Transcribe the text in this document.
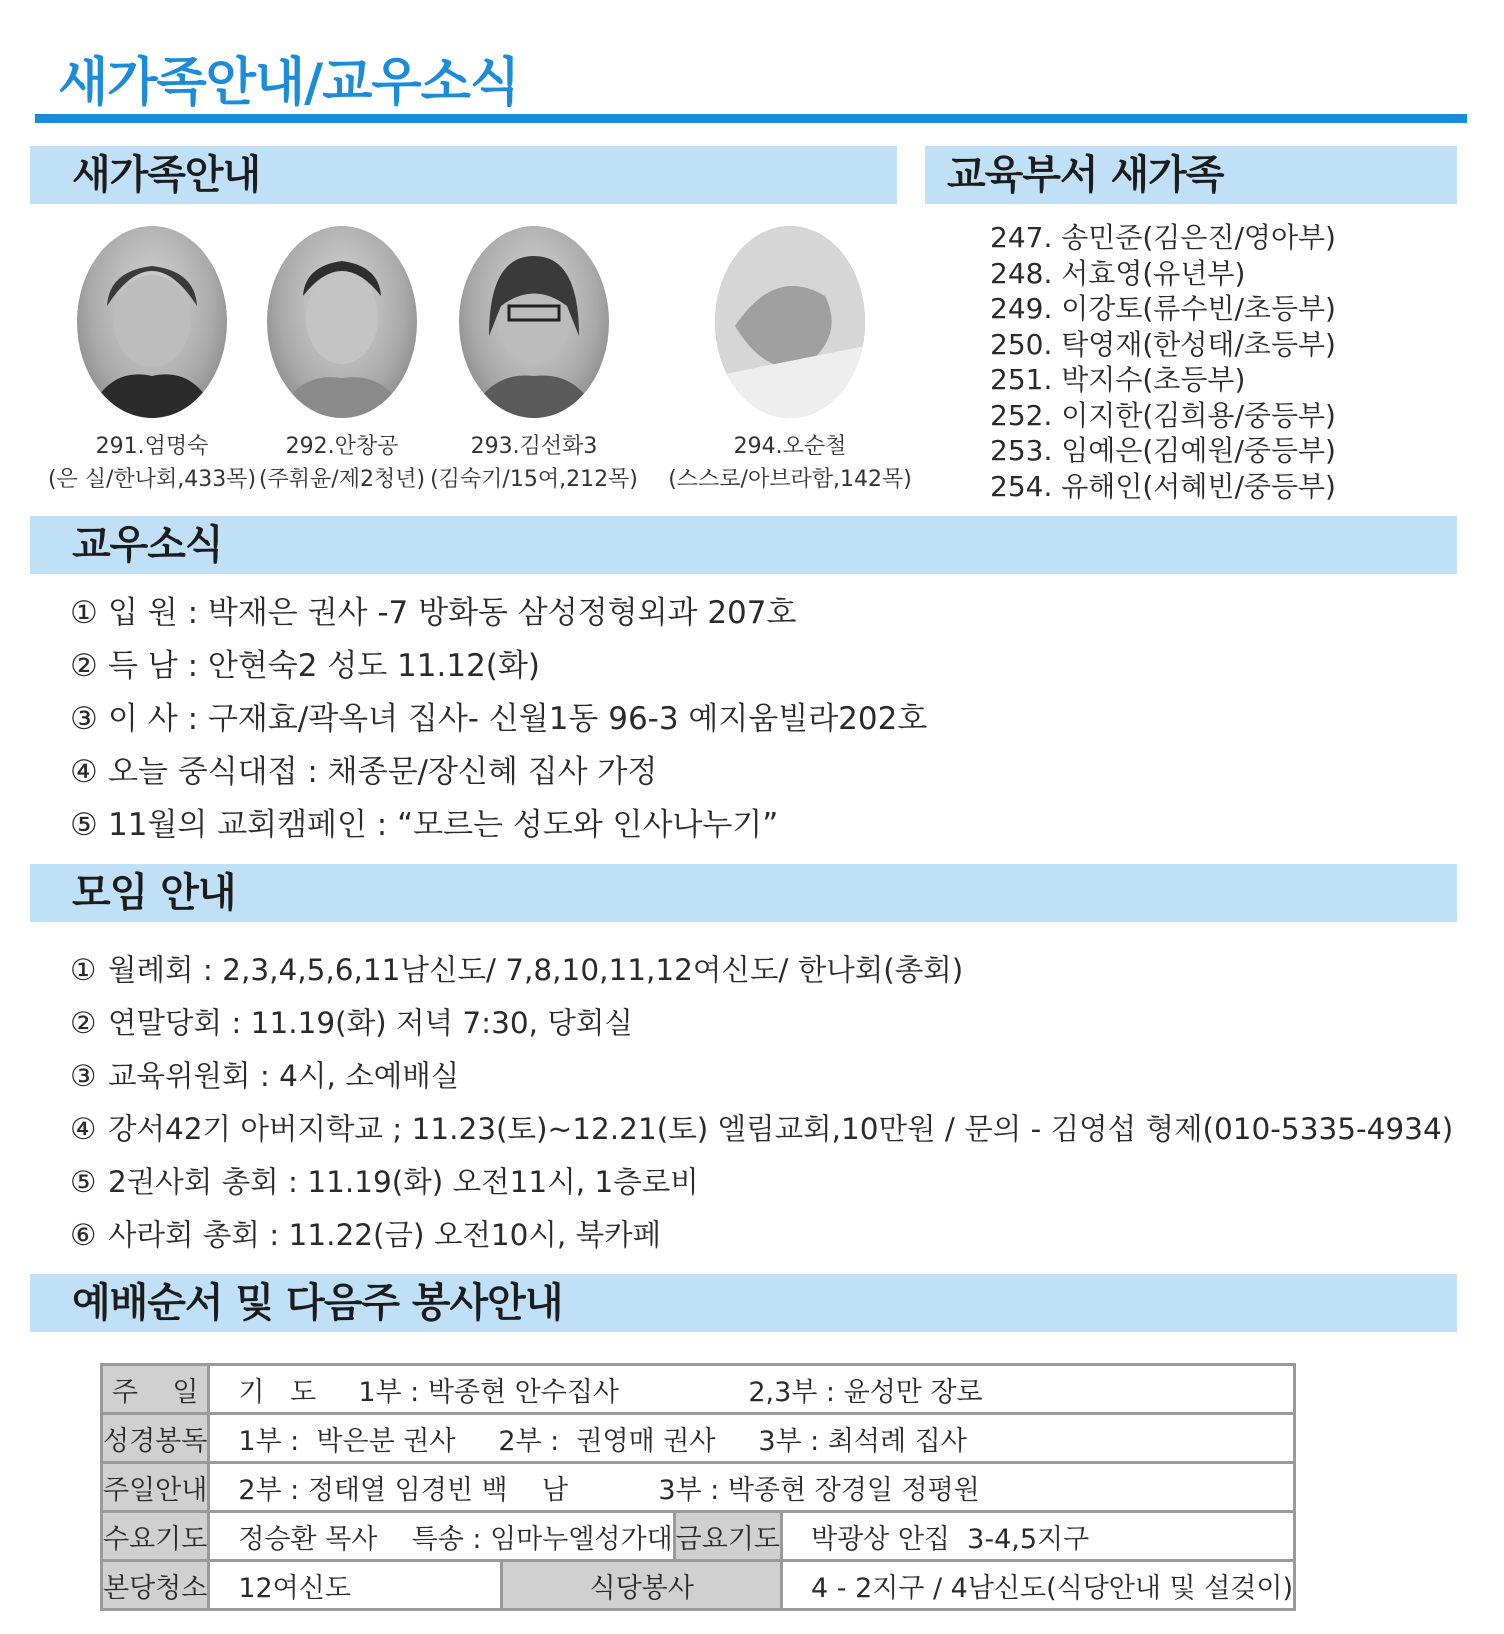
새가족안내/교우소식
새가족안내	교육부서 새가족
291.엄명숙
(은 실/한나회,433목)
292.안창공
(주휘윤/제2청년)
293.김선화3
(김숙기/15여,212목)
294.오순철
(스스로/아브라함,142목)
247. 송민준(김은진/영아부)
248. 서효영(유년부)
249. 이강토(류수빈/초등부)
250. 탁영재(한성태/초등부)
251. 박지수(초등부)
252. 이지한(김희용/중등부)
253. 임예은(김예원/중등부)
254. 유해인(서혜빈/중등부)
교우소식
① 입 원 : 박재은 권사 -7 방화동 삼성정형외과 207호
② 득 남 : 안현숙2 성도 11.12(화)
③ 이 사 : 구재효/곽옥녀 집사- 신월1동 96-3 예지움빌라202호
④ 오늘 중식대접 : 채종문/장신혜 집사 가정
⑤ 11월의 교회캠페인 : “모르는 성도와 인사나누기”
모임 안내
① 월례회 : 2,3,4,5,6,11남신도/ 7,8,10,11,12여신도/ 한나회(총회)
② 연말당회 : 11.19(화) 저녁 7:30, 당회실
③ 교육위원회 : 4시, 소예배실
④ 강서42기 아버지학교 ; 11.23(토)~12.21(토) 엘림교회,10만원 / 문의 - 김영섭 형제(010-5335-4934)
⑤ 2권사회 총회 : 11.19(화) 오전11시, 1층로비
⑥ 사라회 총회 : 11.22(금) 오전10시, 북카페
예배순서 및 다음주 봉사안내
주    일	기   도 1부 : 박종현 안수집사 2,3부 : 윤성만 장로			
성경봉독	1부 :  박은분 권사 2부 :  권영매 권사 3부 : 최석례 집사			
주일안내	2부 : 정태열 임경빈 백    남 3부 : 박종현 장경일 정평원			
수요기도	정승환 목사    특송 : 임마누엘성가대		금요기도	박광상 안집  3-4,5지구
본당청소	12여신도	식당봉사		4 - 2지구 / 4남신도(식당안내 및 설겆이)
